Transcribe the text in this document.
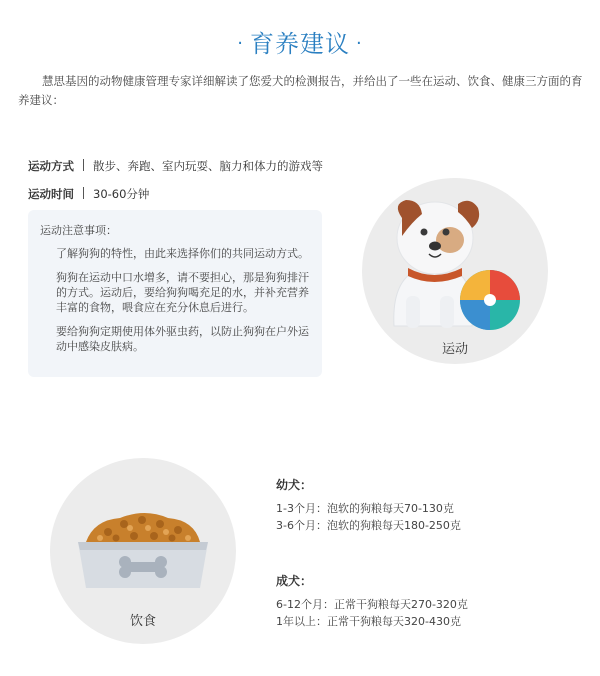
· 育养建议 ·
慧思基因的动物健康管理专家详细解读了您爱犬的检测报告，并给出了一些在运动、饮食、健康三方面的育养建议：
运动方式 散步、奔跑、室内玩耍、脑力和体力的游戏等
运动时间 30-60分钟
运动注意事项：

了解狗狗的特性，由此来选择你们的共同运动方式。

狗狗在运动中口水增多，请不要担心，那是狗狗排汗的方式。运动后，要给狗狗喝充足的水，并补充营养丰富的食物，喂食应在充分休息后进行。

要给狗狗定期使用体外驱虫药，以防止狗狗在户外运动中感染皮肤病。	运动
饮食
幼犬：
1-3个月：泡软的狗粮每天70-130克
3-6个月：泡软的狗粮每天180-250克
成犬：
6-12个月：正常干狗粮每天270-320克
1年以上：正常干狗粮每天320-430克
